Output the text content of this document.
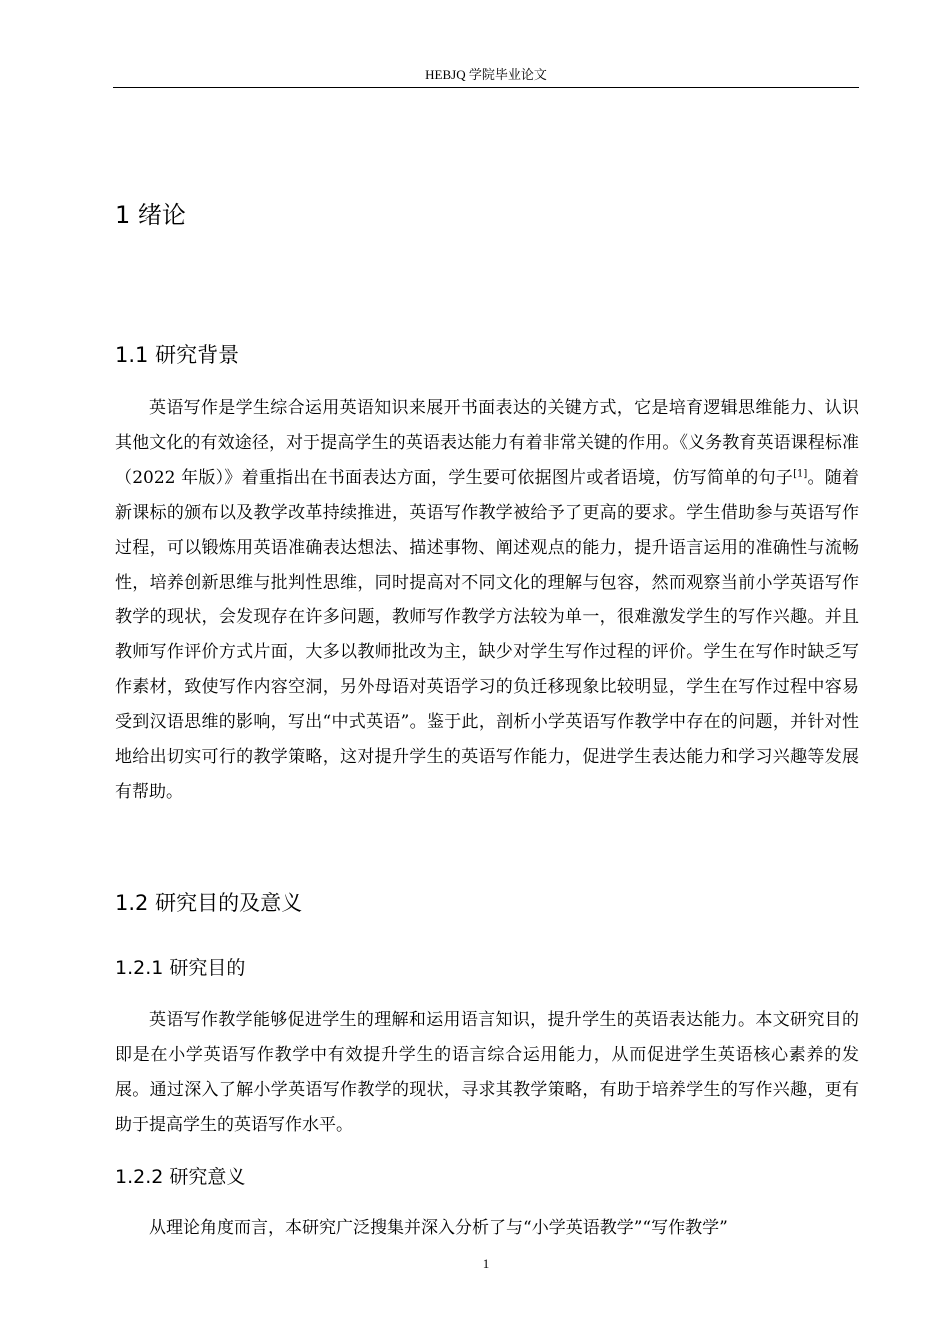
HEBJQ 学院毕业论文
1 绪论
1.1 研究背景

英语写作是学生综合运用英语知识来展开书面表达的关键方式，它是培育逻辑思维能力、认识其他文化的有效途径，对于提高学生的英语表达能力有着非常关键的作用。《义务教育英语课程标准（2022 年版）》着重指出在书面表达方面，学生要可依据图片或者语境，仿写简单的句子[1]。随着新课标的颁布以及教学改革持续推进，英语写作教学被给予了更高的要求。学生借助参与英语写作过程，可以锻炼用英语准确表达想法、描述事物、阐述观点的能力，提升语言运用的准确性与流畅性，培养创新思维与批判性思维，同时提高对不同文化的理解与包容，然而观察当前小学英语写作教学的现状，会发现存在许多问题，教师写作教学方法较为单一，很难激发学生的写作兴趣。并且教师写作评价方式片面，大多以教师批改为主，缺少对学生写作过程的评价。学生在写作时缺乏写作素材，致使写作内容空洞，另外母语对英语学习的负迁移现象比较明显，学生在写作过程中容易受到汉语思维的影响，写出“中式英语”。鉴于此，剖析小学英语写作教学中存在的问题，并针对性地给出切实可行的教学策略，这对提升学生的英语写作能力，促进学生表达能力和学习兴趣等发展有帮助。

1.2 研究目的及意义
1.2.1 研究目的

英语写作教学能够促进学生的理解和运用语言知识，提升学生的英语表达能力。本文研究目的即是在小学英语写作教学中有效提升学生的语言综合运用能力，从而促进学生英语核心素养的发展。通过深入了解小学英语写作教学的现状，寻求其教学策略，有助于培养学生的写作兴趣，更有助于提高学生的英语写作水平。

1.2.2 研究意义

从理论角度而言，本研究广泛搜集并深入分析了与“小学英语教学”“写作教学”

1
